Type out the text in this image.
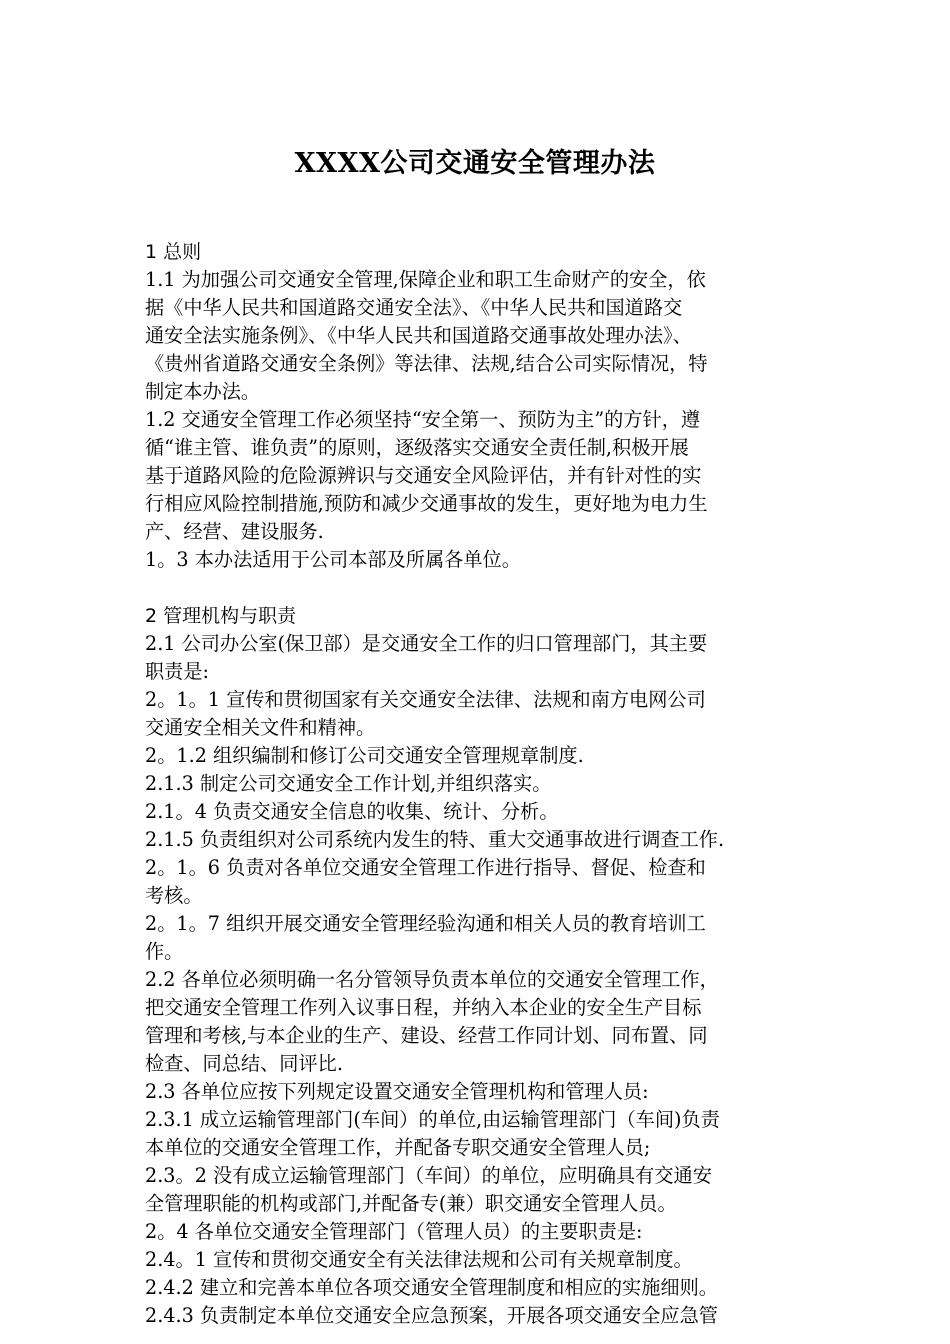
XXXX公司交通安全管理办法
1 总则
1.1 为加强公司交通安全管理,保障企业和职工生命财产的安全，依
据《中华人民共和国道路交通安全法》、《中华人民共和国道路交
通安全法实施条例》、《中华人民共和国道路交通事故处理办法》、
《贵州省道路交通安全条例》等法律、法规,结合公司实际情况，特
制定本办法。
1.2 交通安全管理工作必须坚持“安全第一、预防为主”的方针，遵
循“谁主管、谁负责”的原则，逐级落实交通安全责任制,积极开展
基于道路风险的危险源辨识与交通安全风险评估，并有针对性的实
行相应风险控制措施,预防和减少交通事故的发生，更好地为电力生
产、经营、建设服务.
1。3 本办法适用于公司本部及所属各单位。
2 管理机构与职责
2.1 公司办公室(保卫部）是交通安全工作的归口管理部门，其主要
职责是:
2。1。1 宣传和贯彻国家有关交通安全法律、法规和南方电网公司
交通安全相关文件和精神。
2。1.2 组织编制和修订公司交通安全管理规章制度.
2.1.3 制定公司交通安全工作计划,并组织落实。
2.1。4 负责交通安全信息的收集、统计、分析。
2.1.5 负责组织对公司系统内发生的特、重大交通事故进行调查工作.
2。1。6 负责对各单位交通安全管理工作进行指导、督促、检查和
考核。
2。1。7 组织开展交通安全管理经验沟通和相关人员的教育培训工
作。
2.2 各单位必须明确一名分管领导负责本单位的交通安全管理工作，
把交通安全管理工作列入议事日程，并纳入本企业的安全生产目标
管理和考核,与本企业的生产、建设、经营工作同计划、同布置、同
检查、同总结、同评比.
2.3 各单位应按下列规定设置交通安全管理机构和管理人员:
2.3.1 成立运输管理部门(车间）的单位,由运输管理部门（车间)负责
本单位的交通安全管理工作，并配备专职交通安全管理人员;
2.3。2 没有成立运输管理部门（车间）的单位，应明确具有交通安
全管理职能的机构或部门,并配备专(兼）职交通安全管理人员。
2。4 各单位交通安全管理部门（管理人员）的主要职责是:
2.4。1 宣传和贯彻交通安全有关法律法规和公司有关规章制度。
2.4.2 建立和完善本单位各项交通安全管理制度和相应的实施细则。
2.4.3 负责制定本单位交通安全应急预案，开展各项交通安全应急管
